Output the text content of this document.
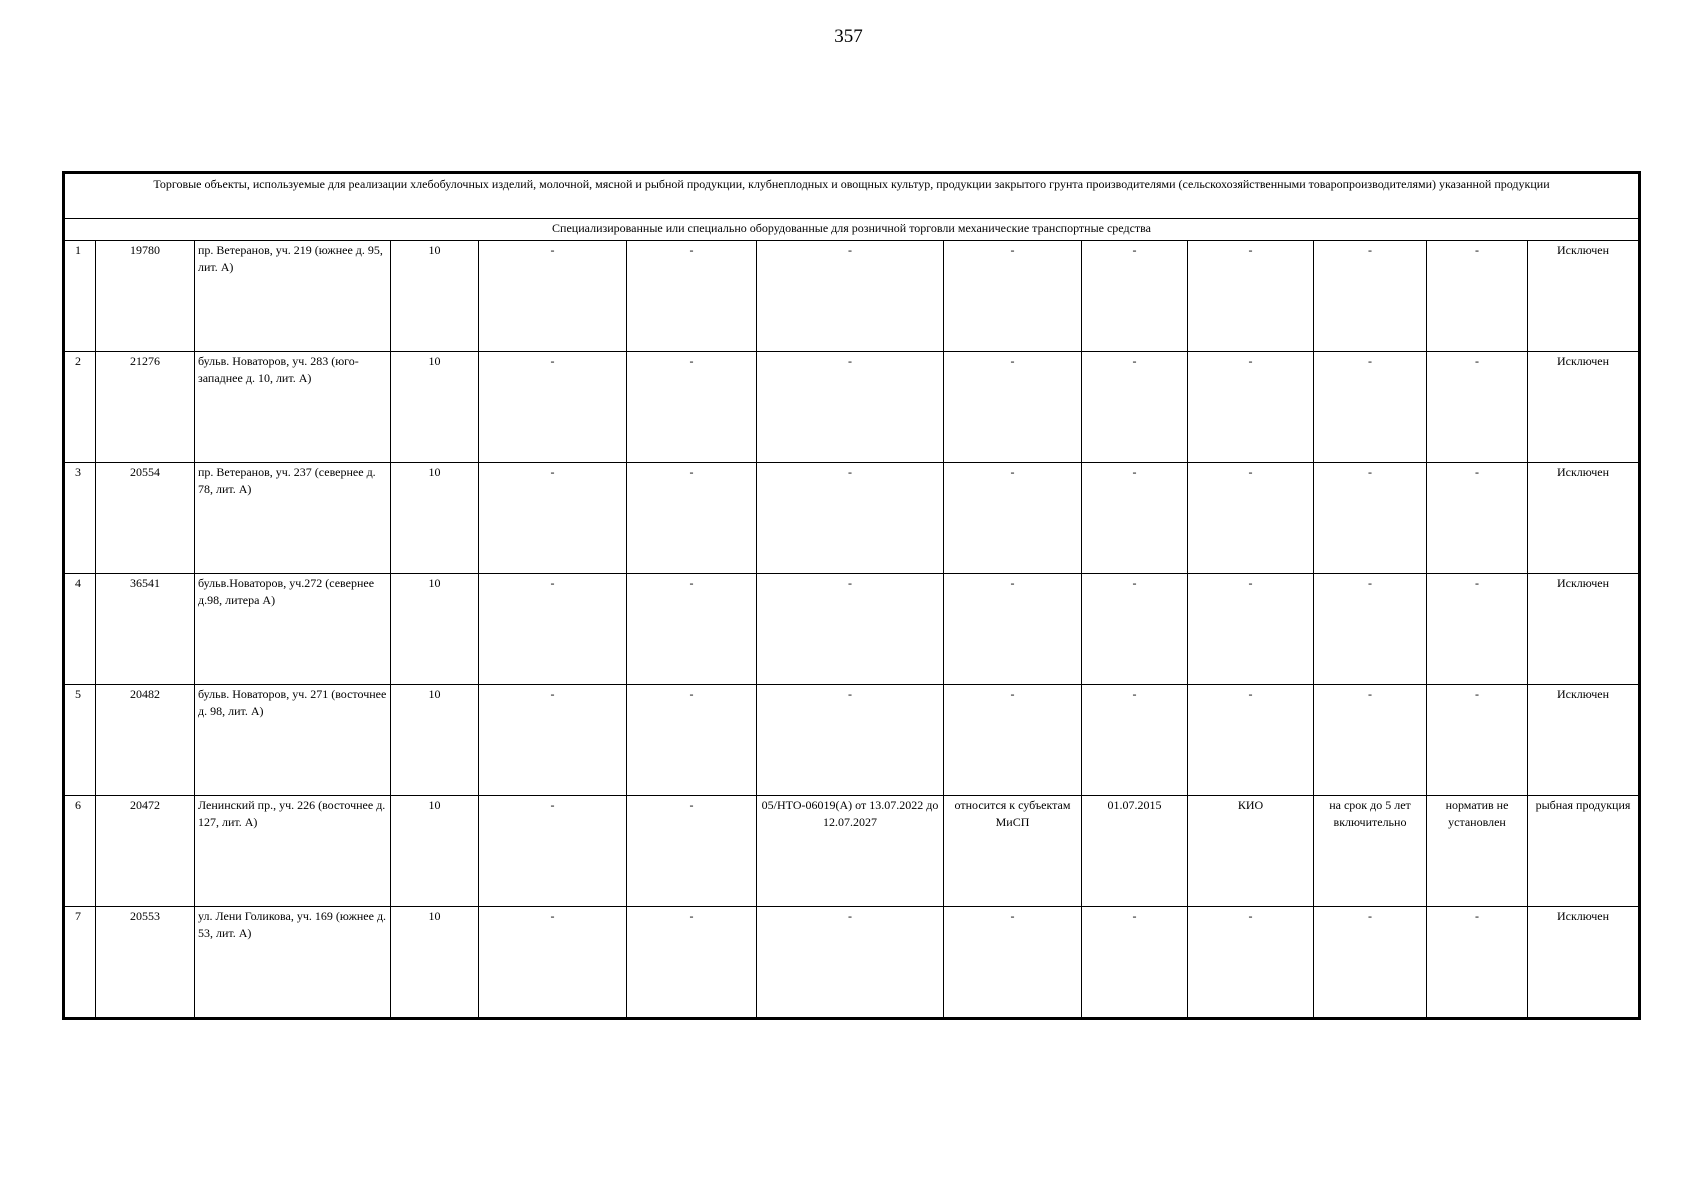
357
Торговые объекты, используемые для реализации хлебобулочных изделий, молочной, мясной и рыбной продукции, клубнеплодных и овощных культур, продукции закрытого грунта производителями (сельскохозяйственными товаропроизводителями) указанной продукции												
Специализированные или специально оборудованные для розничной торговли механические транспортные средства												
1	19780	пр. Ветеранов, уч. 219 (южнее д. 95, лит. А)	10	-	-	-	-	-	-	-	-	Исключен
2	21276	бульв. Новаторов, уч. 283 (юго-западнее д. 10, лит. А)	10	-	-	-	-	-	-	-	-	Исключен
3	20554	пр. Ветеранов, уч. 237 (севернее д. 78, лит. А)	10	-	-	-	-	-	-	-	-	Исключен
4	36541	бульв.Новаторов, уч.272 (севернее д.98, литера А)	10	-	-	-	-	-	-	-	-	Исключен
5	20482	бульв. Новаторов, уч. 271 (восточнее д. 98, лит. А)	10	-	-	-	-	-	-	-	-	Исключен
6	20472	Ленинский пр., уч. 226 (восточнее д. 127, лит. А)	10	-	-	05/НТО-06019(А) от 13.07.2022 до 12.07.2027	относится к субъектам МиСП	01.07.2015	КИО	на срок до 5 лет включительно	норматив не установлен	рыбная продукция
7	20553	ул. Лени Голикова, уч. 169 (южнее д. 53, лит. А)	10	-	-	-	-	-	-	-	-	Исключен
